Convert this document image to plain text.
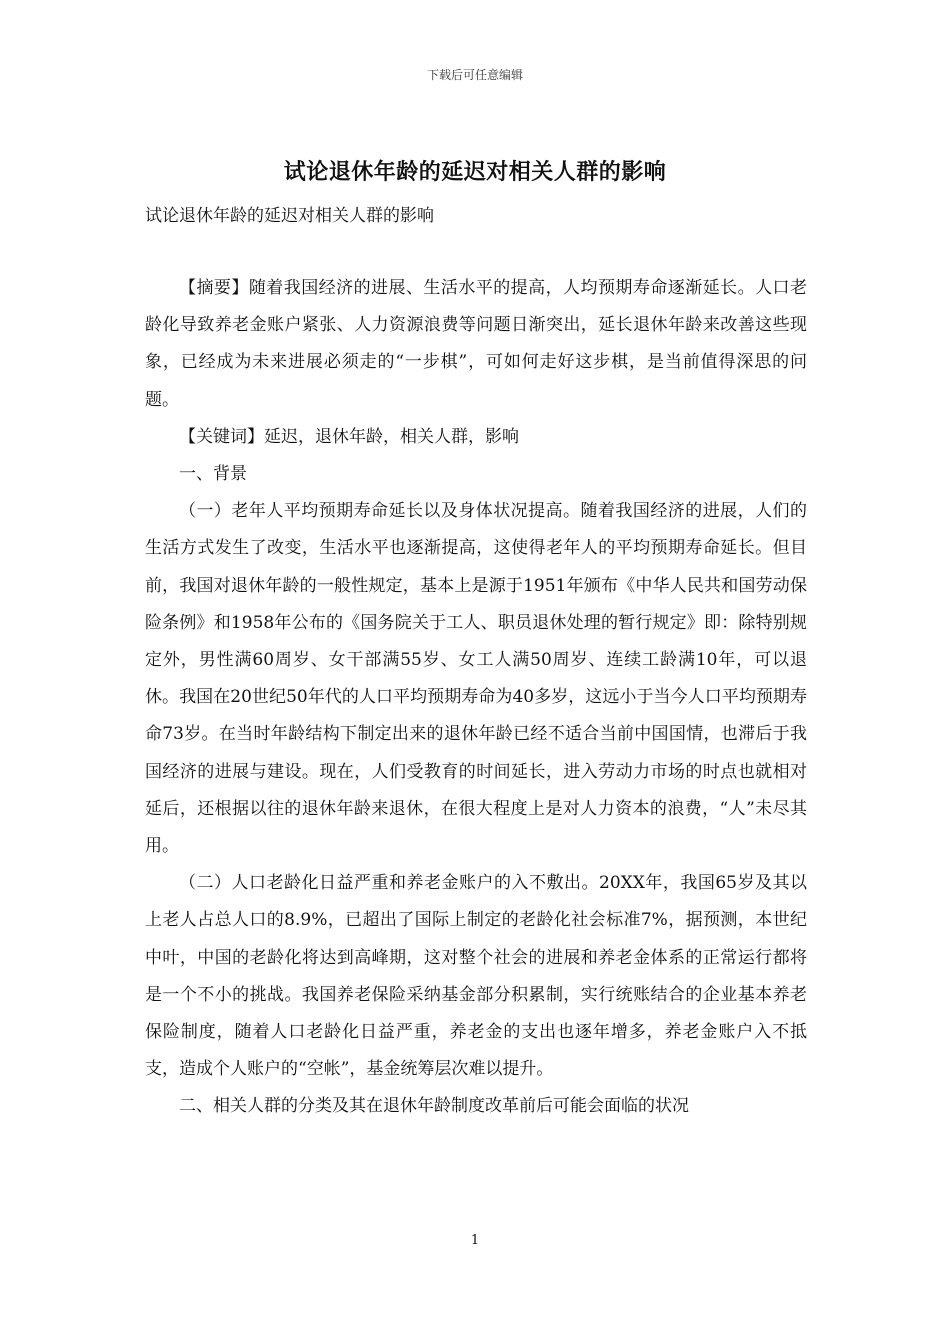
下载后可任意编辑
试论退休年龄的延迟对相关人群的影响
试论退休年龄的延迟对相关人群的影响

【摘要】随着我国经济的进展、生活水平的提高，人均预期寿命逐渐延长。人口老龄化导致养老金账户紧张、人力资源浪费等问题日渐突出，延长退休年龄来改善这些现象，已经成为未来进展必须走的“一步棋”，可如何走好这步棋，是当前值得深思的问题。

【关键词】延迟，退休年龄，相关人群，影响

一、背景

（一）老年人平均预期寿命延长以及身体状况提高。随着我国经济的进展，人们的生活方式发生了改变，生活水平也逐渐提高，这使得老年人的平均预期寿命延长。但目前，我国对退休年龄的一般性规定，基本上是源于1951年颁布《中华人民共和国劳动保险条例》和1958年公布的《国务院关于工人、职员退休处理的暂行规定》即：除特别规定外，男性满60周岁、女干部满55岁、女工人满50周岁、连续工龄满10年，可以退休。我国在20世纪50年代的人口平均预期寿命为40多岁，这远小于当今人口平均预期寿命73岁。在当时年龄结构下制定出来的退休年龄已经不适合当前中国国情，也滞后于我国经济的进展与建设。现在，人们受教育的时间延长，进入劳动力市场的时点也就相对延后，还根据以往的退休年龄来退休，在很大程度上是对人力资本的浪费，“人”未尽其用。

（二）人口老龄化日益严重和养老金账户的入不敷出。20XX年，我国65岁及其以上老人占总人口的8.9%，已超出了国际上制定的老龄化社会标准7%，据预测，本世纪中叶，中国的老龄化将达到高峰期，这对整个社会的进展和养老金体系的正常运行都将是一个不小的挑战。我国养老保险采纳基金部分积累制，实行统账结合的企业基本养老保险制度，随着人口老龄化日益严重，养老金的支出也逐年增多，养老金账户入不抵支，造成个人账户的“空帐”，基金统筹层次难以提升。

二、相关人群的分类及其在退休年龄制度改革前后可能会面临的状况

1
